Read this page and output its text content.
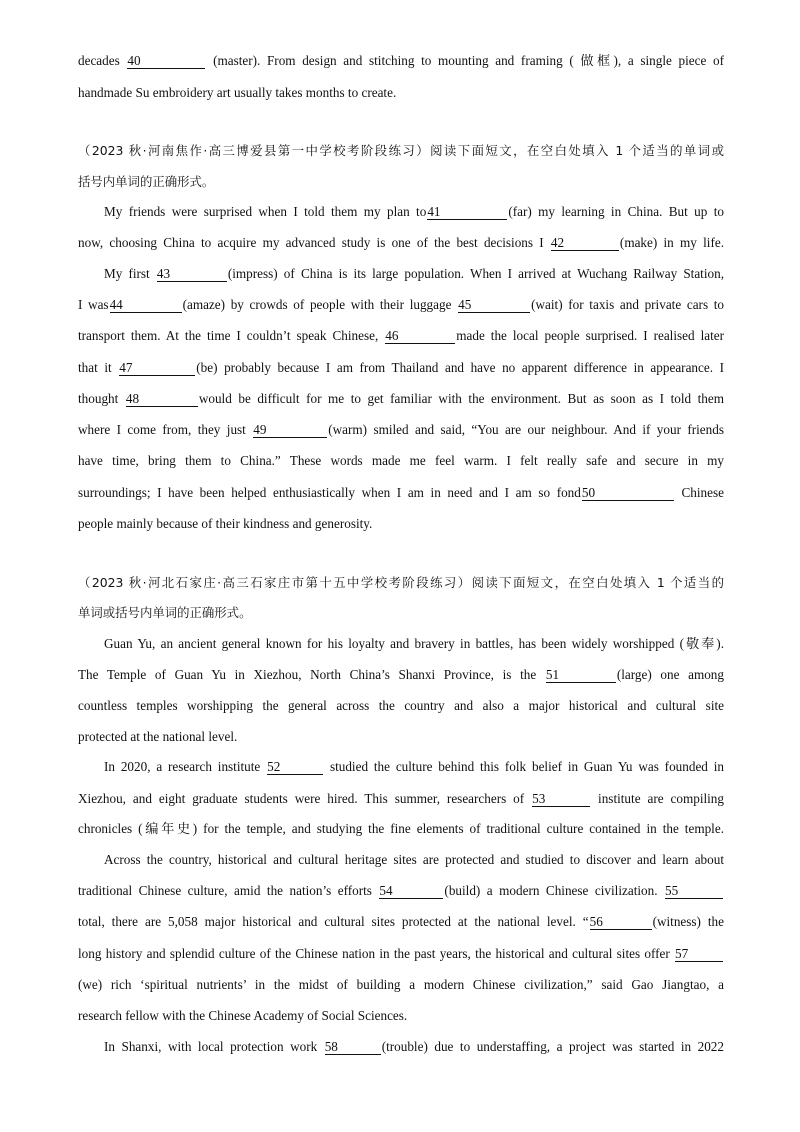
decades 40	(master). From design and stitching to mounting and framing ( 做框), a single piece of
handmade Su embroidery art usually takes months to create.
（2023 秋·河南焦作·高三博爱县第一中学校考阶段练习）阅读下面短文，在空白处填入 1 个适当的单词或
括号内单词的正确形式。
My friends were surprised when I told them my plan to41	(far) my learning in China. But up to
now, choosing China to acquire my advanced study is one of the best decisions I 42	(make) in my life.
My first 43	(impress) of China is its large population. When I arrived at Wuchang Railway Station,
I was44	(amaze) by crowds of people with their luggage 45	(wait) for taxis and private cars to
transport them. At the time I couldn’t speak Chinese, 46	made the local people surprised. I realised later
that it 47	(be) probably because I am from Thailand and have no apparent difference in appearance. I
thought 48	would be difficult for me to get familiar with the environment. But as soon as I told them
where I come from, they just 49	(warm) smiled and said, “You are our neighbour. And if your friends
have time, bring them to China.” These words made me feel warm. I felt really safe and secure in my
surroundings; I have been helped enthusiastically when I am in need and I am so fond50	Chinese
people mainly because of their kindness and generosity.
（2023 秋·河北石家庄·高三石家庄市第十五中学校考阶段练习）阅读下面短文，在空白处填入 1 个适当的
单词或括号内单词的正确形式。
Guan Yu, an ancient general known for his loyalty and bravery in battles, has been widely worshipped (敬奉).
The Temple of Guan Yu in Xiezhou, North China’s Shanxi Province, is the 51	(large) one among
countless temples worshipping the general across the country and also a major historical and cultural site
protected at the national level.
In 2020, a research institute 52	studied the culture behind this folk belief in Guan Yu was founded in
Xiezhou, and eight graduate students were hired. This summer, researchers of 53	institute are compiling
chronicles (编年史) for the temple, and studying the fine elements of traditional culture contained in the temple.
Across the country, historical and cultural heritage sites are protected and studied to discover and learn about
traditional Chinese culture, amid the nation’s efforts 54	(build) a modern Chinese civilization. 55
total, there are 5,058 major historical and cultural sites protected at the national level. “56	(witness) the
long history and splendid culture of the Chinese nation in the past years, the historical and cultural sites offer 57
(we) rich ‘spiritual nutrients’ in the midst of building a modern Chinese civilization,” said Gao Jiangtao, a
research fellow with the Chinese Academy of Social Sciences.
In Shanxi, with local protection work 58	(trouble) due to understaffing, a project was started in 2022
